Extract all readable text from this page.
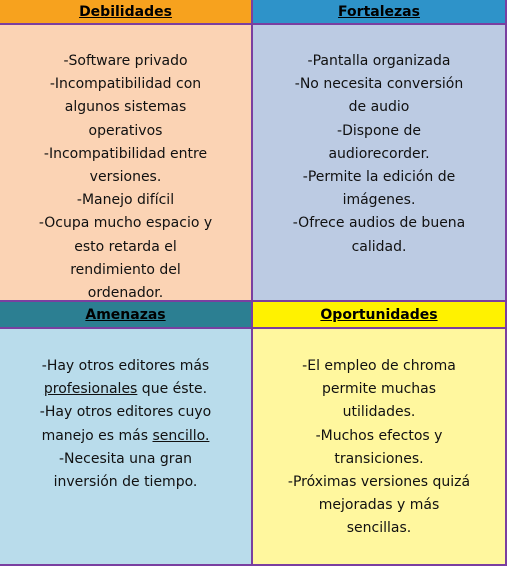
Debilidades	Fortalezas
-Software privado
-Incompatibilidad con
algunos sistemas
operativos
-Incompatibilidad entre
versiones.
-Manejo difícil
-Ocupa mucho espacio y
esto retarda el
rendimiento del
ordenador.
-Pantalla organizada
-No necesita conversión
de audio
-Dispone de
audiorecorder.
-Permite la edición de
imágenes.
-Ofrece audios de buena
calidad.
Amenazas	Oportunidades
-Hay otros editores más
profesionales que éste.
-Hay otros editores cuyo
manejo es más sencillo.
-Necesita una gran
inversión de tiempo.
-El empleo de chroma
permite muchas
utilidades.
-Muchos efectos y
transiciones.
-Próximas versiones quizá
mejoradas y más
sencillas.
